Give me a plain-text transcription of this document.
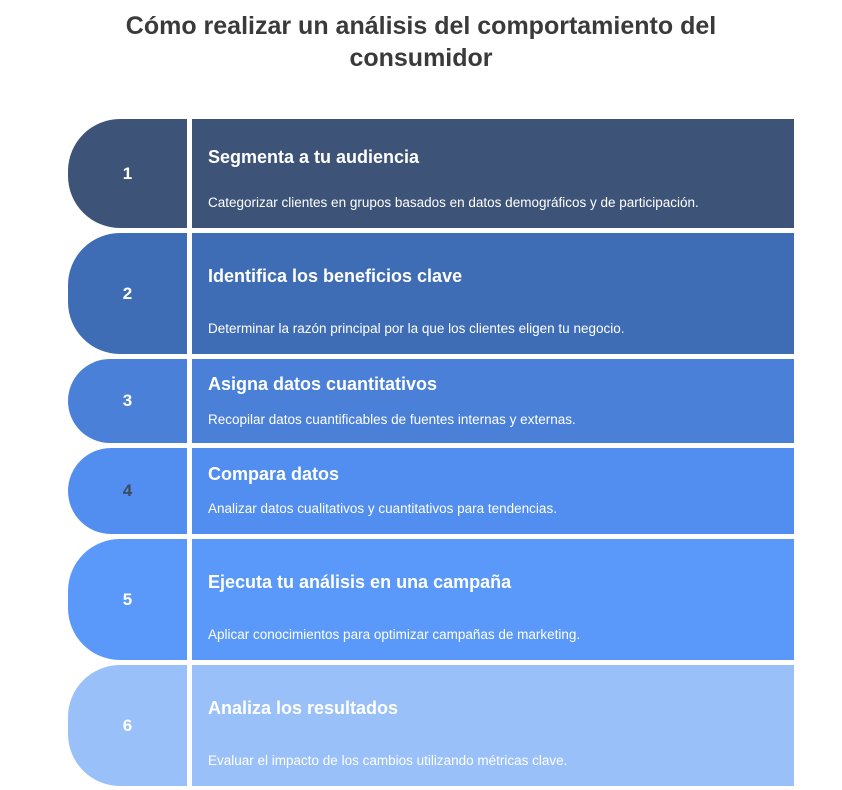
Cómo realizar un análisis del comportamiento del consumidor
1
Segmenta a tu audiencia
Categorizar clientes en grupos basados en datos demográficos y de participación.
2
Identifica los beneficios clave
Determinar la razón principal por la que los clientes eligen tu negocio.
3
Asigna datos cuantitativos
Recopilar datos cuantificables de fuentes internas y externas.
4
Compara datos
Analizar datos cualitativos y cuantitativos para tendencias.
5
Ejecuta tu análisis en una campaña
Aplicar conocimientos para optimizar campañas de marketing.
6
Analiza los resultados
Evaluar el impacto de los cambios utilizando métricas clave.
